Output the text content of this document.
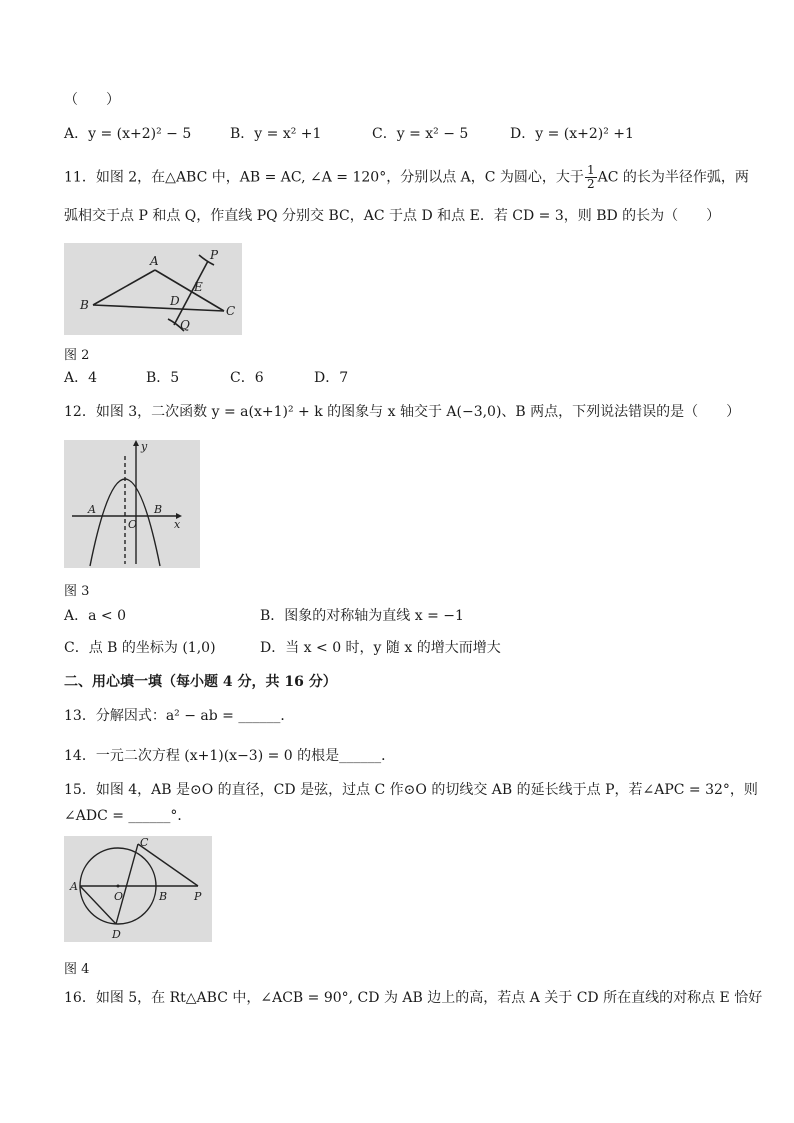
（　　）
A．y = (x+2)² − 5	B．y = x² +1	C．y = x² − 5	D．y = (x+2)² +1
11．如图 2，在△ABC 中，AB = AC, ∠A = 120°，分别以点 A，C 为圆心，大于 $\frac{1}{2}$ AC 的长为半径作弧，两
弧相交于点 P 和点 Q，作直线 PQ 分别交 BC，AC 于点 D 和点 E．若 CD = 3，则 BD 的长为（　　）
A
B	C
D
E
P
Q
图 2
A．4	B．5	C．6	D．7
12．如图 3，二次函数 y = a(x+1)² + k 的图象与 x 轴交于 A(−3,0)、B 两点，下列说法错误的是（　　）
y
x
A
O
B
图 3
A．a < 0	B．图象的对称轴为直线 x = −1
C．点 B 的坐标为 (1,0)	D．当 x < 0 时，y 随 x 的增大而增大
二、用心填一填（每小题 4 分，共 16 分）
13．分解因式：a² − ab = ______．
14．一元二次方程 (x+1)(x−3) = 0 的根是______．
15．如图 4，AB 是⊙O 的直径，CD 是弦，过点 C 作⊙O 的切线交 AB 的延长线于点 P，若∠APC = 32°，则
∠ADC = ______°．
A
B
C
D
O	P
图 4
16．如图 5，在 Rt△ABC 中，∠ACB = 90°, CD 为 AB 边上的高，若点 A 关于 CD 所在直线的对称点 E 恰好
